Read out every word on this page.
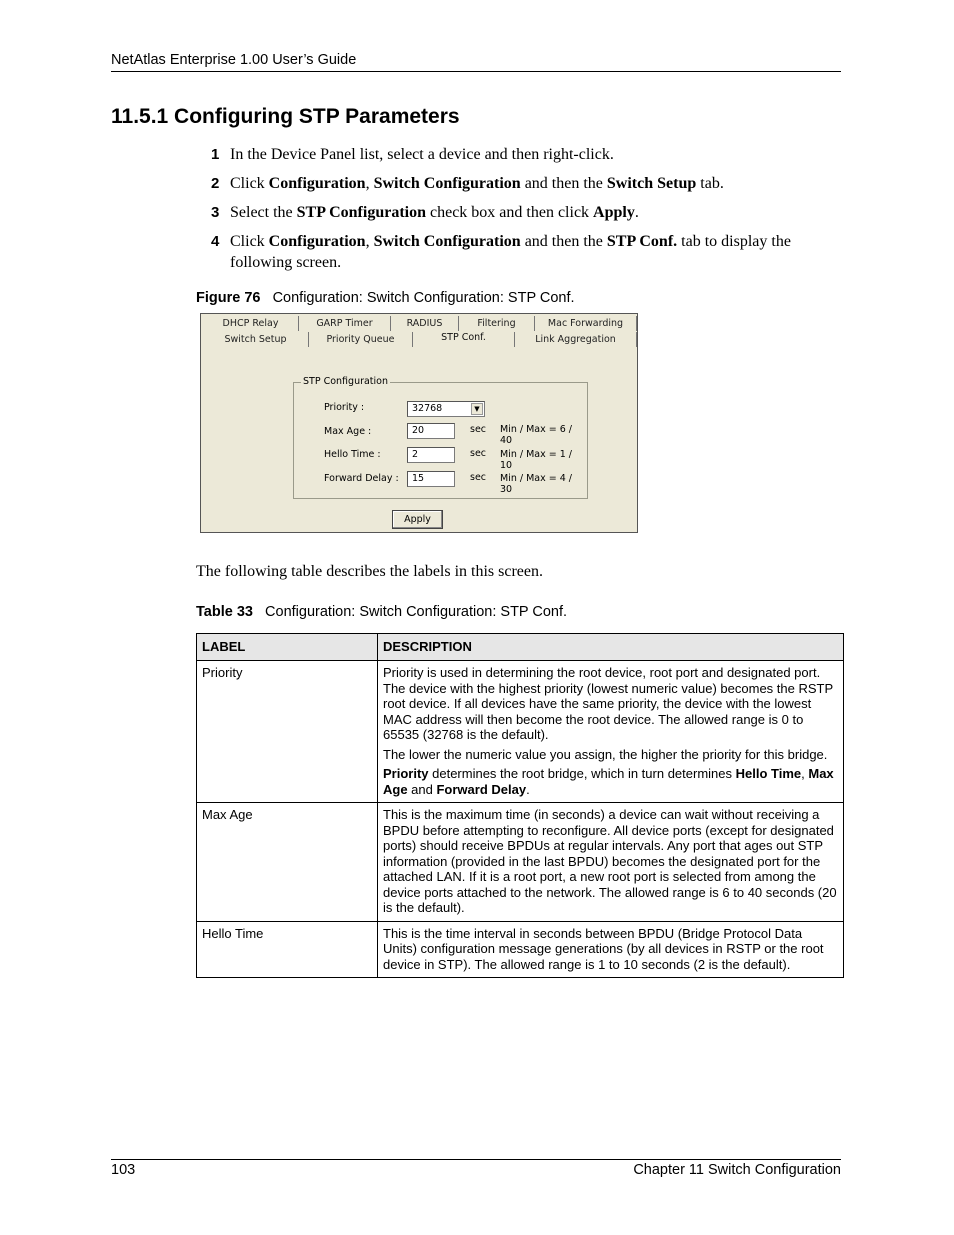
NetAtlas Enterprise 1.00 User’s Guide
11.5.1 Configuring STP Parameters
1 In the Device Panel list, select a device and then right-click.
2 Click Configuration, Switch Configuration and then the Switch Setup tab.
3 Select the STP Configuration check box and then click Apply.
4 Click Configuration, Switch Configuration and then the STP Conf. tab to display the following screen.
Figure 76 Configuration: Switch Configuration: STP Conf.
DHCP Relay	GARP Timer	RADIUS	Filtering	Mac Forwarding
Switch Setup	Priority Queue	STP Conf.	Link Aggregation
STP Configuration
Priority :	32768	▼
Max Age :	20	sec Min / Max = 6 / 40
Hello Time :	2	sec Min / Max = 1 / 10
Forward Delay :	15	sec Min / Max = 4 / 30
Apply
The following table describes the labels in this screen.
Table 33 Configuration: Switch Configuration: STP Conf.
LABEL	DESCRIPTION
Priority	Priority is used in determining the root device, root port and designated port. The device with the highest priority (lowest numeric value) becomes the RSTP root device. If all devices have the same priority, the device with the lowest MAC address will then become the root device. The allowed range is 0 to 65535 (32768 is the default).

The lower the numeric value you assign, the higher the priority for this bridge.

Priority determines the root bridge, which in turn determines Hello Time, Max Age and Forward Delay.

Max Age	This is the maximum time (in seconds) a device can wait without receiving a BPDU before attempting to reconfigure. All device ports (except for designated ports) should receive BPDUs at regular intervals. Any port that ages out STP information (provided in the last BPDU) becomes the designated port for the attached LAN. If it is a root port, a new root port is selected from among the device ports attached to the network. The allowed range is 6 to 40 seconds (20 is the default).

Hello Time	This is the time interval in seconds between BPDU (Bridge Protocol Data Units) configuration message generations (by all devices in RSTP or the root device in STP). The allowed range is 1 to 10 seconds (2 is the default).

103	Chapter 11 Switch Configuration
